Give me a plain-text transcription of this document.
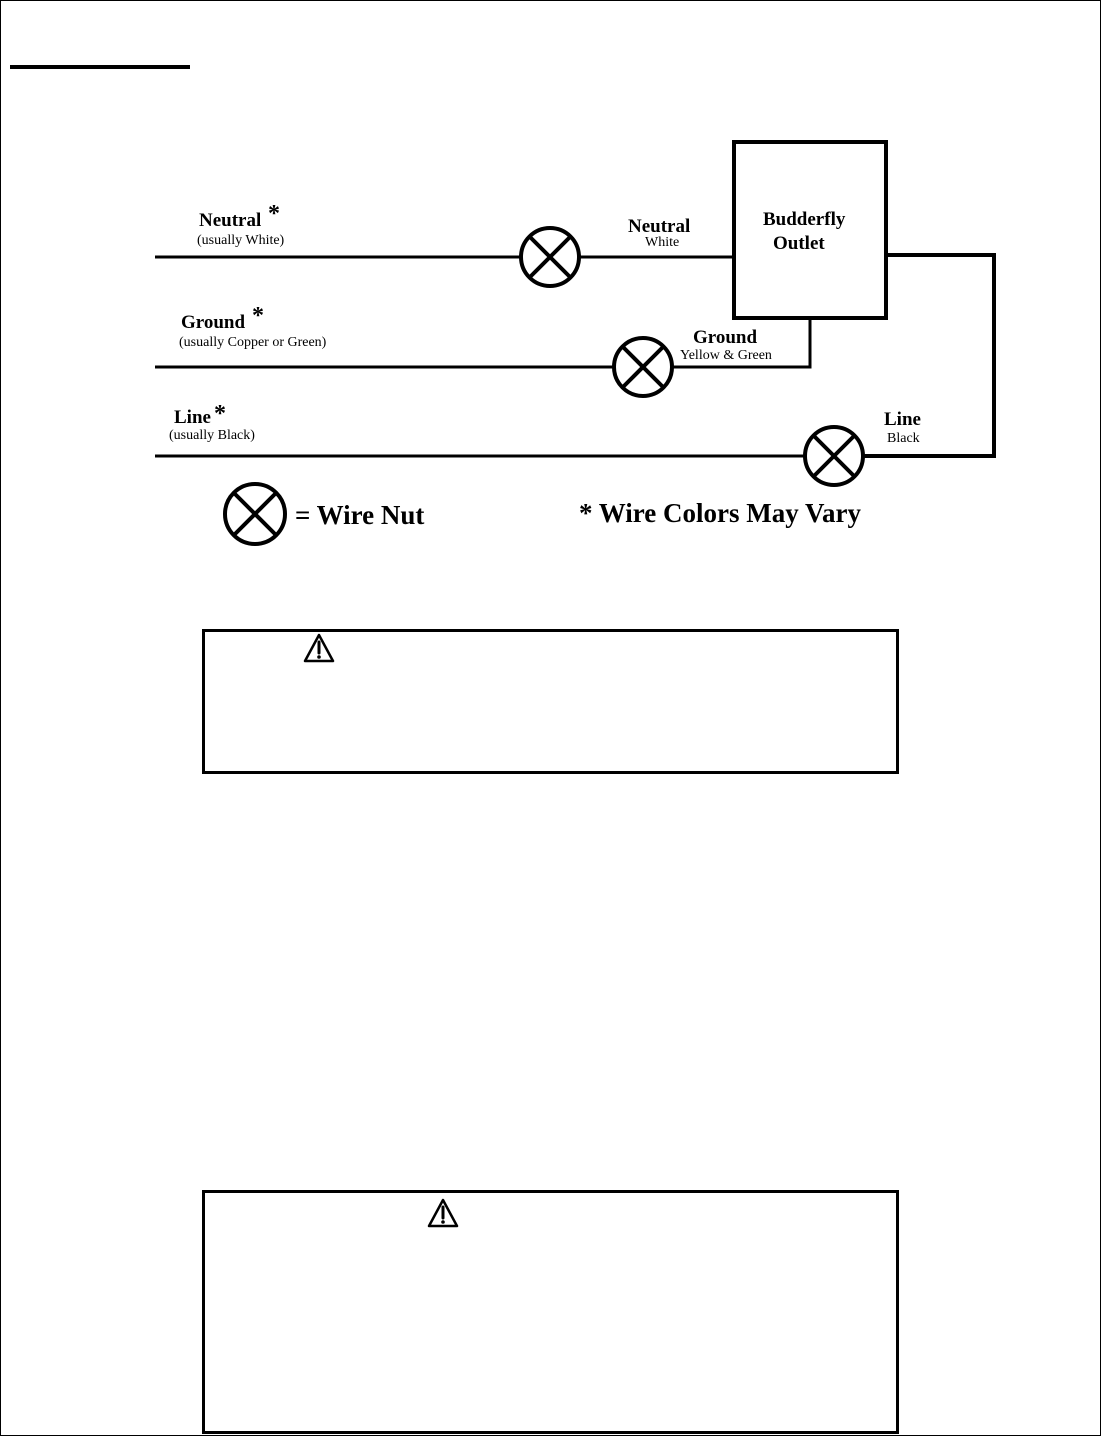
Budderfly
Outlet
Neutral *
(usually White)
Ground *
(usually Copper or Green)
Line *
(usually Black)
Neutral
White
Ground
Yellow & Green
Line
Black
= Wire Nut	* Wire Colors May Vary
